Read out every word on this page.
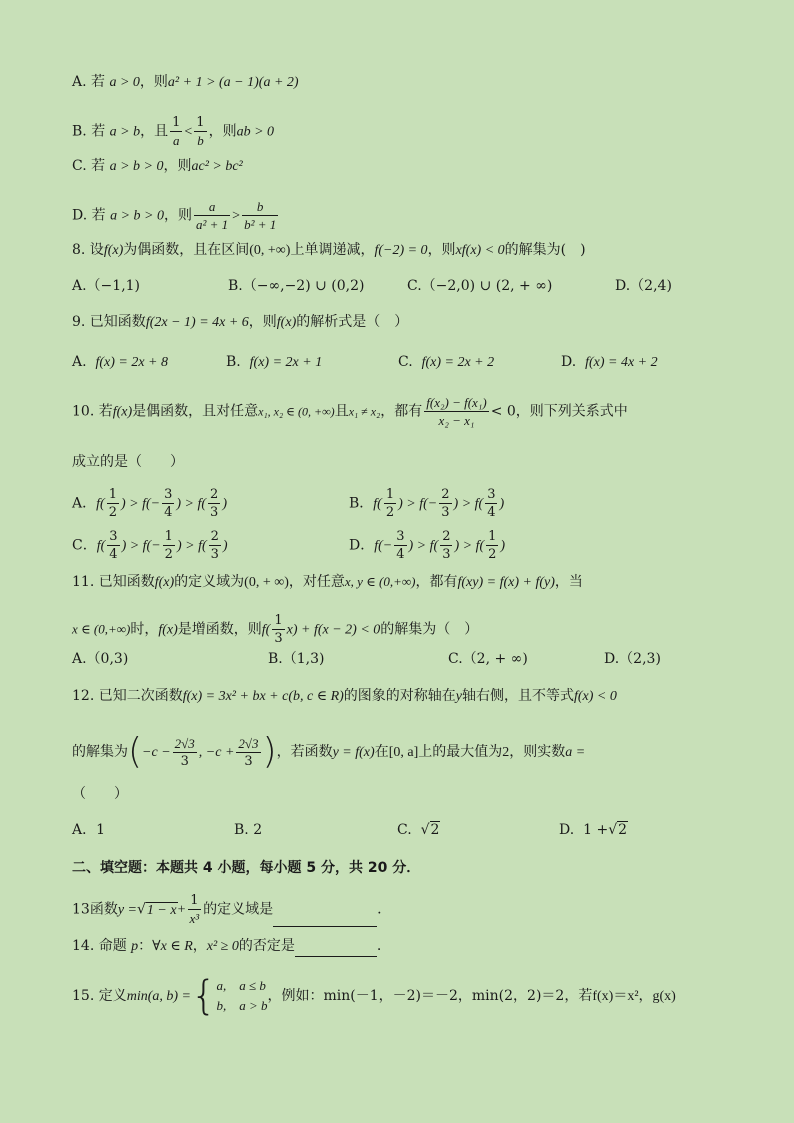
A. 若 a > 0，则a² + 1 > (a − 1)(a + 2)
B. 若 a > b，且 $\frac{1}{a} < \frac{1}{b}$ ，则ab > 0
C. 若 a > b > 0，则ac² > bc²
D. 若 a > b > 0，则 $\frac{a}{\text{a² + 1}} > \frac{b}{\text{b² + 1}}$
8. 设f(x)为偶函数，且在区间(0, +∞)上单调递减，f(−2) = 0，则xf(x) < 0的解集为(　)
A.（−1,1)	B.（−∞,−2) ∪ (0,2)	C.（−2,0) ∪ (2, + ∞)	D.（2,4)
9. 已知函数f(2x − 1) = 4x + 6，则f(x)的解析式是（　）
A. f(x) = 2x + 8	B. f(x) = 2x + 1	C. f(x) = 2x + 2	D. f(x) = 4x + 2
10. 若f(x)是偶函数，且对任意x₁, x₂ ∈ (0, +∞)且x₁ ≠ x₂，都有 $\frac{\text{f(x₂) − f(x₁)}}{\text{x₂ − x₁}} < 0$，则下列关系式中
成立的是（　　）
A．$f( \frac{1}{2}$ ) > $f(- \frac{3}{4}$ ) > $f( \frac{2}{3}$ )	B．$f( \frac{1}{2}$ ) > $f(- \frac{2}{3}$ ) > $f( \frac{3}{4}$ )
C．$f( \frac{3}{4}$ ) > $f(- \frac{1}{2}$ ) > $f( \frac{2}{3}$ )	D．$f(- \frac{3}{4}$ ) > $f( \frac{2}{3}$ ) > $f( \frac{1}{2}$ )
11. 已知函数f(x)的定义域为(0, + ∞)，对任意x, y ∈ (0,+∞)，都有f(xy) = f(x) + f(y)，当
x ∈ (0,+∞)时，f(x)是增函数，则$f( \frac{1}{3} x) + f(x - 2) < 0$的解集为（　）
A.（0,3)	B.（1,3)	C.（2, + ∞)	D.（2,3)
12. 已知二次函数f(x) = 3x² + bx + c(b, c ∈ R)的图象的对称轴在y轴右侧，且不等式f(x) < 0
的解集为($-c - \frac{2√3}{3}$ , $-c + \frac{2√3}{3}$ )，若函数y = f(x)在[0, a]上的最大值为2，则实数a =
（　　）
A．1	B. 2	C.  √2	D. 1 +√2
二、填空题：本题共 4 小题，每小题 5 分，共 20 分．
13函数$y =√1 - x+ \frac{1}{\text{x³}}$ 的定义域是	.
14. 命题 p：∀x ∈ R，x² ≥ 0的否定是	.
15. 定义min(a, b) ={ a,　a ≤ b
b,　a > b
，例如：min(－1，－2)＝－2，min(2，2)＝2，若f(x)＝x²，g(x)
